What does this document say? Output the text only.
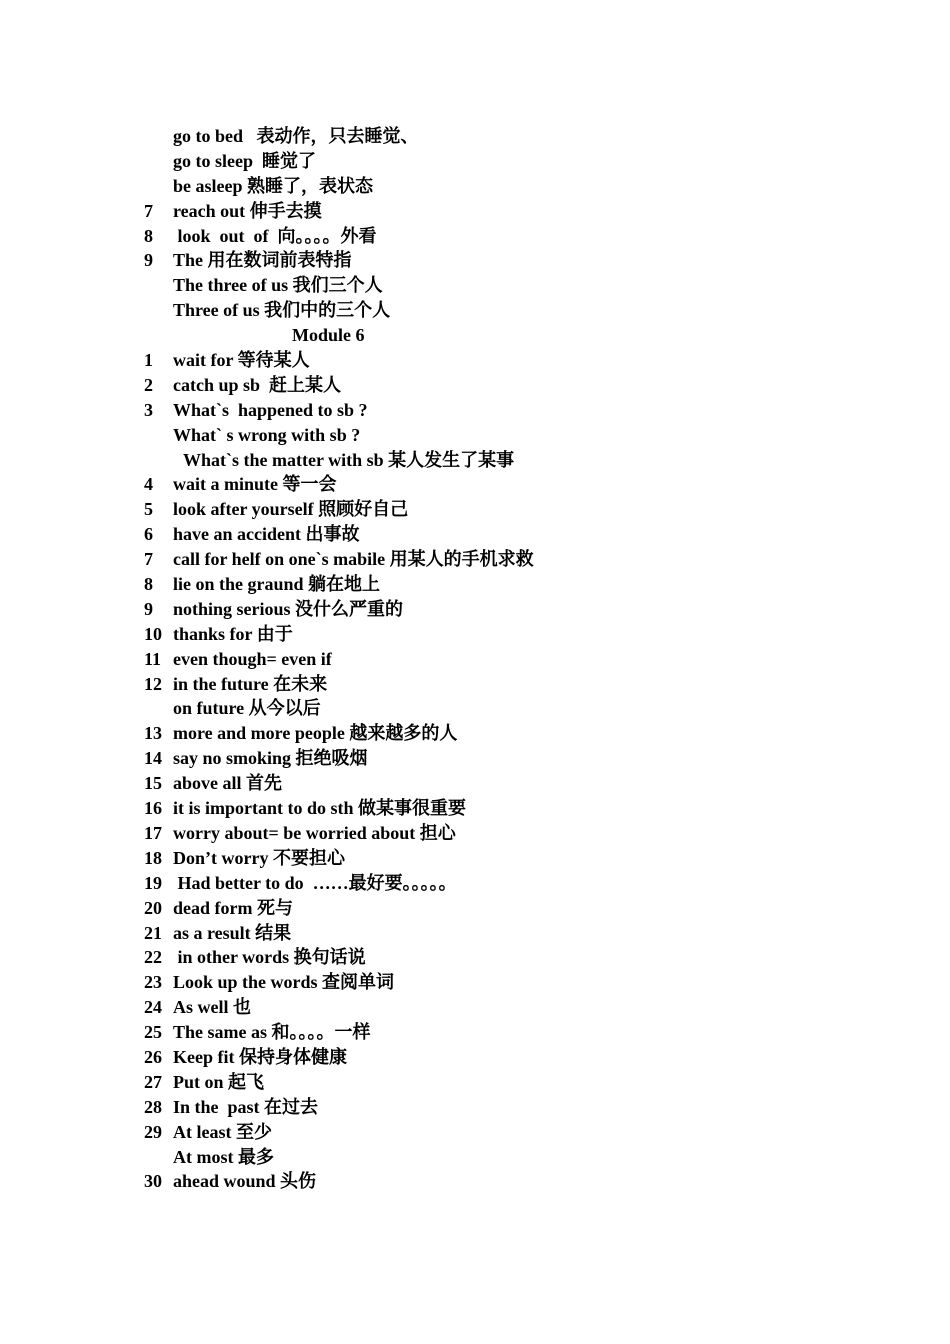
go to bed   表动作，只去睡觉、
go to sleep  睡觉了
be asleep 熟睡了，表状态
7 reach out 伸手去摸
8 look  out  of  向。。。。外看
9 The 用在数词前表特指
The three of us 我们三个人
Three of us 我们中的三个人
Module 6
1 wait for 等待某人
2 catch up sb  赶上某人
3 What`s  happened to sb ?
What` s wrong with sb ?
What`s the matter with sb 某人发生了某事
4 wait a minute 等一会
5 look after yourself 照顾好自己
6 have an accident 出事故
7 call for helf on one`s mabile 用某人的手机求救
8 lie on the graund 躺在地上
9 nothing serious 没什么严重的
10 thanks for 由于
11 even though= even if
12 in the future 在未来
on future 从今以后
13 more and more people 越来越多的人
14 say no smoking 拒绝吸烟
15 above all 首先
16 it is important to do sth 做某事很重要
17 worry about= be worried about 担心
18 Don’t worry 不要担心
19 Had better to do  ……最好要。。。。。
20 dead form 死与
21 as a result 结果
22 in other words 换句话说
23 Look up the words 查阅单词
24 As well 也
25 The same as 和。。。。一样
26 Keep fit 保持身体健康
27 Put on 起飞
28 In the  past 在过去
29 At least 至少
At most 最多
30 ahead wound 头伤
